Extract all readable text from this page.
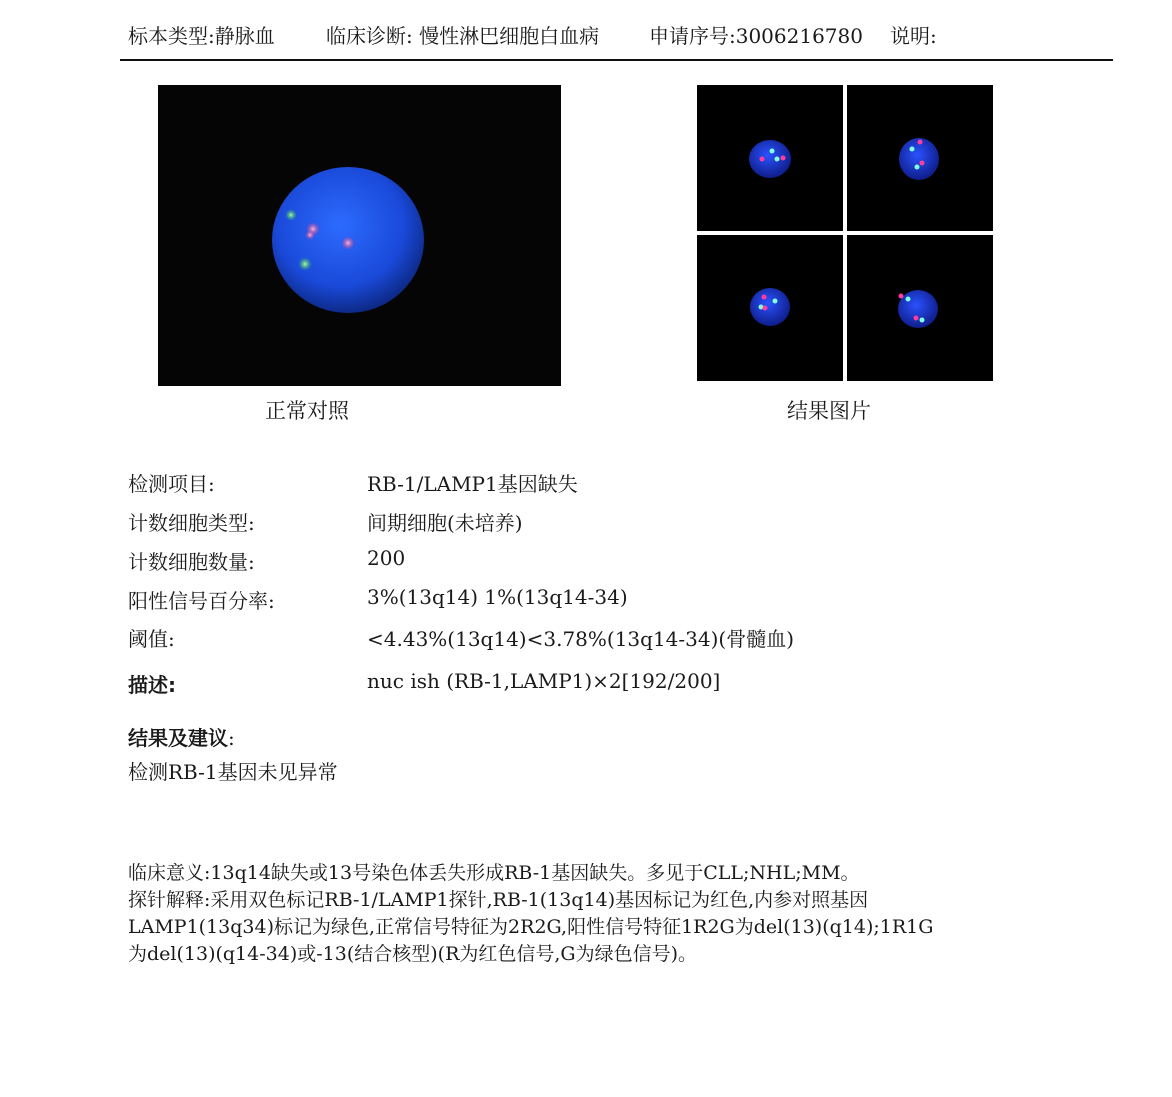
标本类型:静脉血	临床诊断: 慢性淋巴细胞白血病 申请序号:3006216780 说明:
正常对照	结果图片
检测项目:	RB-1/LAMP1基因缺失
计数细胞类型:	间期细胞(未培养)
计数细胞数量:	200
阳性信号百分率:	3%(13q14) 1%(13q14-34)
阈值:	<4.43%(13q14)<3.78%(13q14-34)(骨髓血)
描述:	nuc ish (RB-1,LAMP1)×2[192/200]
结果及建议:
检测RB-1基因未见异常
临床意义:13q14缺失或13号染色体丢失形成RB-1基因缺失。多见于CLL;NHL;MM。
探针解释:采用双色标记RB-1/LAMP1探针,RB-1(13q14)基因标记为红色,内参对照基因
LAMP1(13q34)标记为绿色,正常信号特征为2R2G,阳性信号特征1R2G为del(13)(q14);1R1G
为del(13)(q14-34)或-13(结合核型)(R为红色信号,G为绿色信号)。
